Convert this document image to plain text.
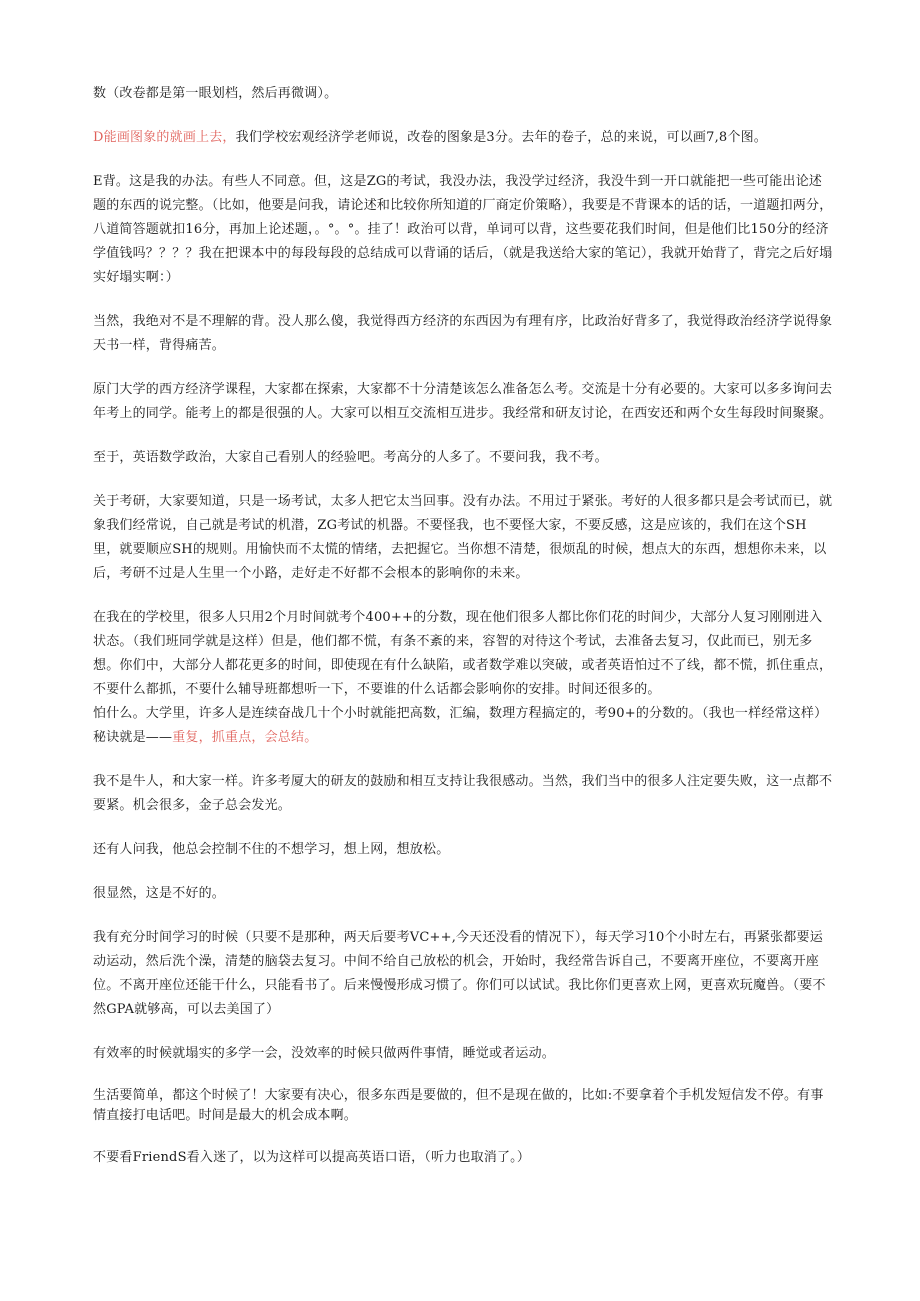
数（改卷都是第一眼划档，然后再微调）。

D能画图象的就画上去，我们学校宏观经济学老师说，改卷的图象是3分。去年的卷子，总的来说，可以画7,8个图。

E背。这是我的办法。有些人不同意。但，这是ZG的考试，我没办法，我没学过经济，我没牛到一开口就能把一些可能出论述题的东西的说完整。（比如，他要是问我，请论述和比较你所知道的厂商定价策略），我要是不背课本的话的话，一道题扣两分，八道简答题就扣16分，再加上论述题，。°。°。挂了！政治可以背，单词可以背，这些要花我们时间，但是他们比150分的经济学值钱吗？？？？我在把课本中的每段每段的总结成可以背诵的话后，（就是我送给大家的笔记），我就开始背了，背完之后好塌实好塌实啊：）

当然，我绝对不是不理解的背。没人那么傻，我觉得西方经济的东西因为有理有序，比政治好背多了，我觉得政治经济学说得象天书一样，背得痛苦。

原门大学的西方经济学课程，大家都在探索，大家都不十分清楚该怎么准备怎么考。交流是十分有必要的。大家可以多多询问去年考上的同学。能考上的都是很强的人。大家可以相互交流相互进步。我经常和研友讨论，在西安还和两个女生每段时间聚聚。

至于，英语数学政治，大家自己看别人的经验吧。考高分的人多了。不要问我，我不考。

关于考研，大家要知道，只是一场考试，太多人把它太当回事。没有办法。不用过于紧张。考好的人很多都只是会考试而已，就象我们经常说，自己就是考试的机潜，ZG考试的机器。不要怪我，也不要怪大家，不要反感，这是应该的，我们在这个SH里，就要顺应SH的规则。用愉快而不太慌的情绪，去把握它。当你想不清楚，很烦乱的时候，想点大的东西，想想你未来，以后，考研不过是人生里一个小路，走好走不好都不会根本的影响你的未来。

在我在的学校里，很多人只用2个月时间就考个400++的分数，现在他们很多人都比你们花的时间少，大部分人复习刚刚进入状态。（我们班同学就是这样）但是，他们都不慌，有条不紊的来，容智的对待这个考试，去准备去复习，仅此而已，别无多想。你们中，大部分人都花更多的时间，即使现在有什么缺陷，或者数学难以突破，或者英语怕过不了线，都不慌，抓住重点，不要什么都抓，不要什么辅导班都想听一下，不要谁的什么话都会影响你的安排。时间还很多的。

怕什么。大学里，许多人是连续奋战几十个小时就能把高数，汇编，数理方程搞定的，考90+的分数的。（我也一样经常这样）
秘诀就是——重复，抓重点，会总结。

我不是牛人，和大家一样。许多考厦大的研友的鼓励和相互支持让我很感动。当然，我们当中的很多人注定要失败，这一点都不要紧。机会很多，金子总会发光。

还有人问我，他总会控制不住的不想学习，想上网，想放松。

很显然，这是不好的。

我有充分时间学习的时候（只要不是那种，两天后要考VC++,今天还没看的情况下），每天学习10个小时左右，再紧张都要运动运动，然后洗个澡，清楚的脑袋去复习。中间不给自己放松的机会，开始时，我经常告诉自己，不要离开座位，不要离开座位。不离开座位还能干什么，只能看书了。后来慢慢形成习惯了。你们可以试试。我比你们更喜欢上网，更喜欢玩魔兽。（要不然GPA就够高，可以去美国了）

有效率的时候就塌实的多学一会，没效率的时候只做两件事情，睡觉或者运动。

生活要简单，都这个时候了！大家要有决心，很多东西是要做的，但不是现在做的，比如:不要拿着个手机发短信发不停。有事情直接打电话吧。时间是最大的机会成本啊。

不要看FriendS看入迷了，以为这样可以提高英语口语，（听力也取消了。）
